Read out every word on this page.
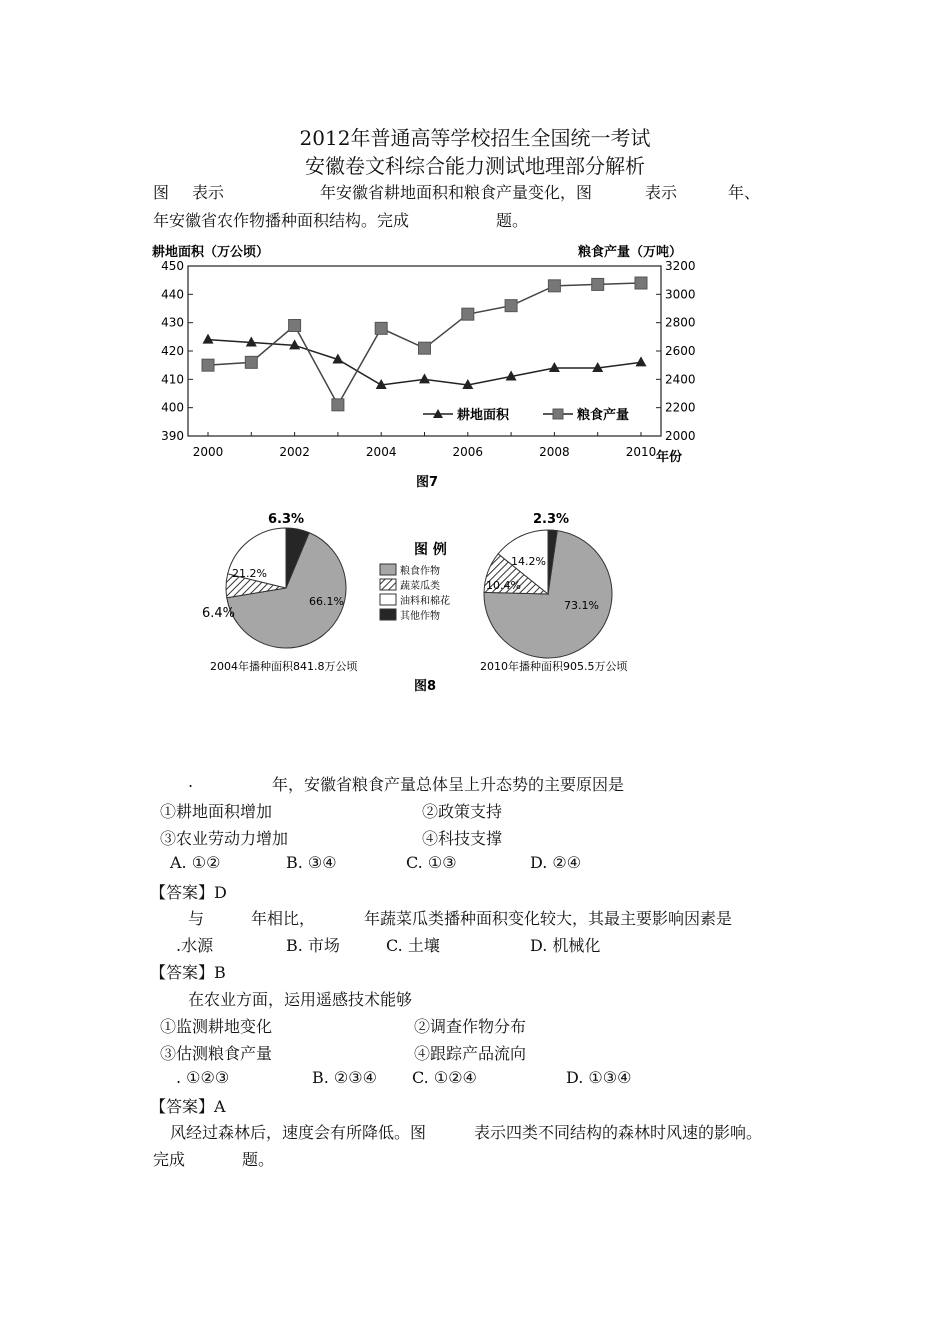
2012年普通高等学校招生全国统一考试
安徽卷文科综合能力测试地理部分解析
图 表示	年安徽省耕地面积和粮食产量变化，图	表示	年、
年安徽省农作物播种面积结构。完成	题。
耕地面积（万公顷）	粮食产量（万吨）
450
440
430
420
410
400
390
3200
3000
2800
2600
2400
2200
2000
2000	2002	2004	2006	2008	2010 年份
耕地面积	粮食产量
图7
66.1%
6.4%
21.2%
6.3%
73.1%
10.4%
14.2%
2.3%
图 例
粮食作物
蔬菜瓜类
油料和棉花
其他作物
2004年播种面积841.8万公顷	2010年播种面积905.5万公顷
图8
.	年，安徽省粮食产量总体呈上升态势的主要原因是
①耕地面积增加	②政策支持
③农业劳动力增加	④科技支撑
A. ①②	B. ③④	C. ①③	D. ②④
【答案】D
与	年相比，	年蔬菜瓜类播种面积变化较大，其最主要影响因素是
.水源	B. 市场	C. 土壤	D. 机械化
【答案】B
在农业方面，运用遥感技术能够
①监测耕地变化	②调查作物分布
③估测粮食产量	④跟踪产品流向
. ①②③	B. ②③④ C. ①②④	D. ①③④
【答案】A
风经过森林后，速度会有所降低。图	表示四类不同结构的森林时风速的影响。
完成	题。
